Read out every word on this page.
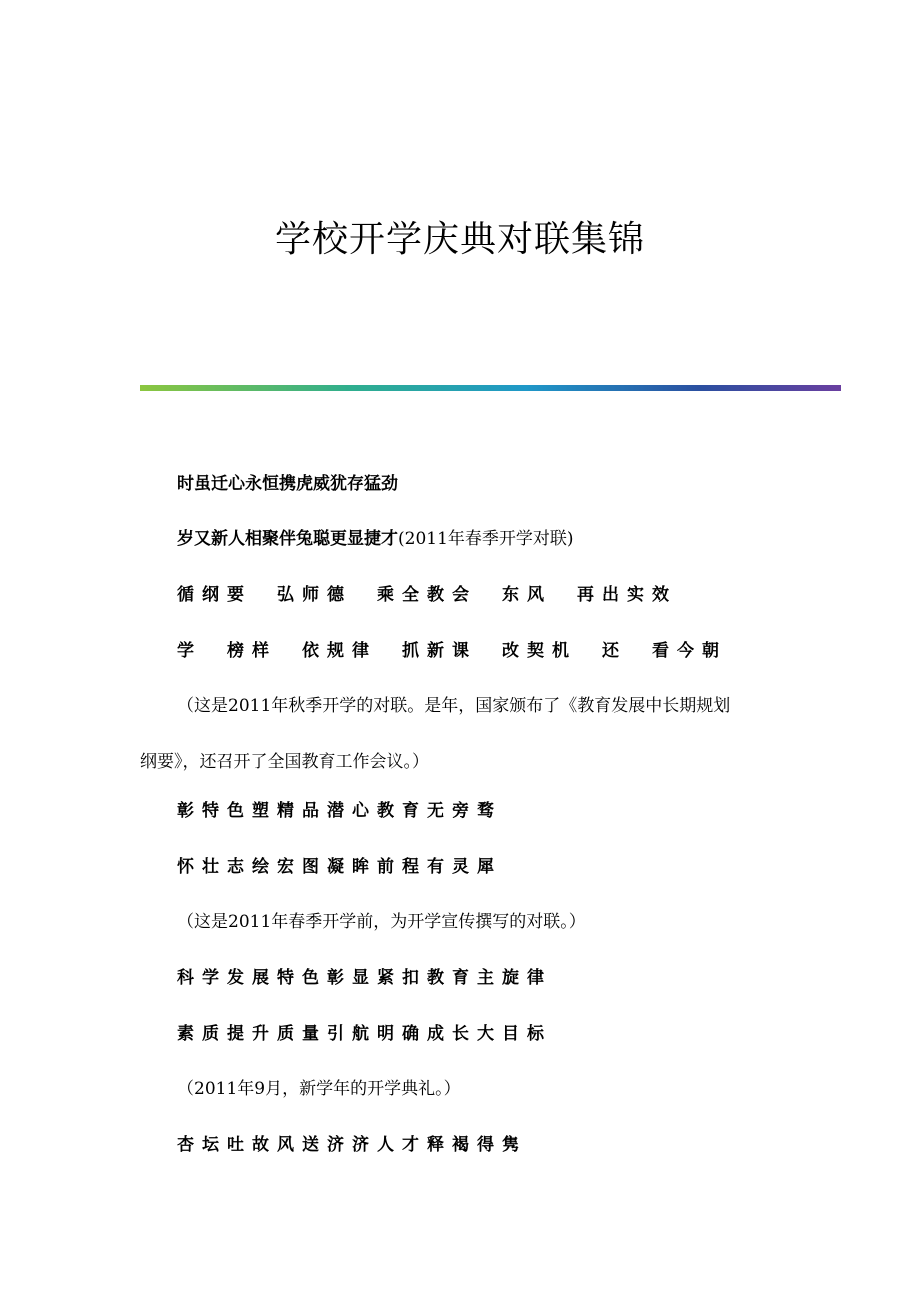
学校开学庆典对联集锦
时虽迁心永恒携虎威犹存猛劲
岁又新人相聚伴兔聪更显捷才(2011年春季开学对联)
循纲要　弘师德　乘全教会　东风　再出实效
学　榜样　依规律　抓新课　改契机　还　看今朝
（这是2011年秋季开学的对联。是年，国家颁布了《教育发展中长期规划
纲要》，还召开了全国教育工作会议。）
彰特色塑精品潜心教育无旁骛
怀壮志绘宏图凝眸前程有灵犀
（这是2011年春季开学前，为开学宣传撰写的对联。）
科学发展特色彰显紧扣教育主旋律
素质提升质量引航明确成长大目标
（2011年9月，新学年的开学典礼。）
杏坛吐故风送济济人才释褐得隽
